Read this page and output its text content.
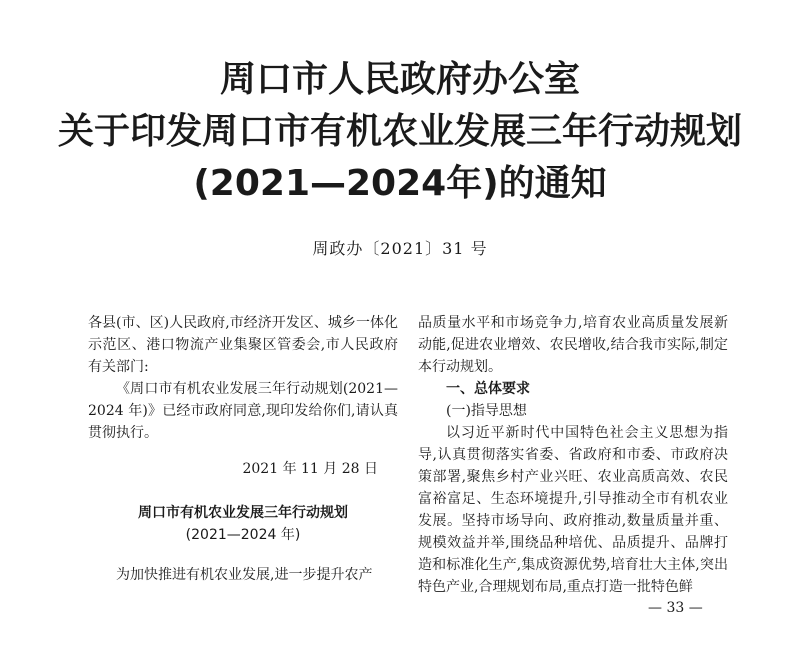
周口市人民政府办公室
关于印发周口市有机农业发展三年行动规划
(2021—2024年)的通知
周政办〔2021〕31 号

各县(市、区)人民政府,市经济开发区、城乡一体化示范区、港口物流产业集聚区管委会,市人民政府有关部门:

《周口市有机农业发展三年行动规划(2021—2024 年)》已经市政府同意,现印发给你们,请认真贯彻执行。

2021 年 11 月 28 日

周口市有机农业发展三年行动规划

(2021—2024 年)

为加快推进有机农业发展,进一步提升农产

品质量水平和市场竞争力,培育农业高质量发展新动能,促进农业增效、农民增收,结合我市实际,制定本行动规划。

一、总体要求

(一)指导思想

以习近平新时代中国特色社会主义思想为指导,认真贯彻落实省委、省政府和市委、市政府决策部署,聚焦乡村产业兴旺、农业高质高效、农民富裕富足、生态环境提升,引导推动全市有机农业发展。坚持市场导向、政府推动,数量质量并重、规模效益并举,围绕品种培优、品质提升、品牌打造和标准化生产,集成资源优势,培育壮大主体,突出特色产业,合理规划布局,重点打造一批特色鲜

— 33 —
